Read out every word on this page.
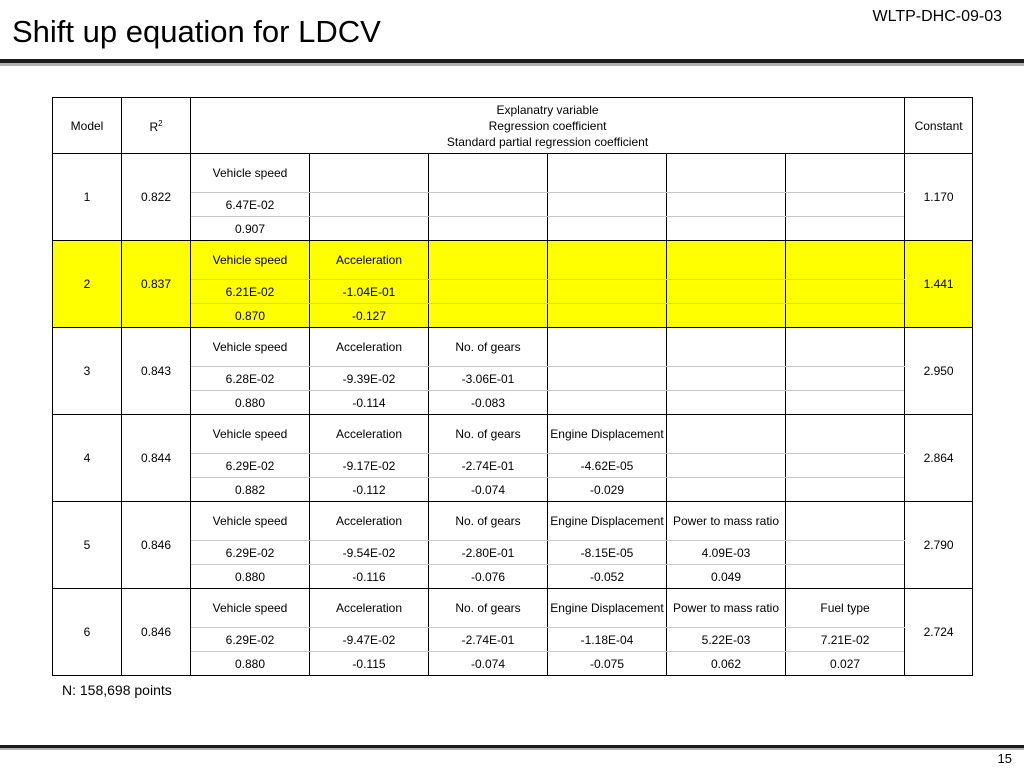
WLTP-DHC-09-03
Shift up equation for LDCV
Model	$R^2$	Explanatry variable
Regression coefficient
Standard partial regression coefficient						Constant
1	0.822	Vehicle speed						1.170
		6.47E-02						
		0.907						
2	0.837	Vehicle speed	Acceleration					1.441
		6.21E-02	-1.04E-01					
		0.870	-0.127					
3	0.843	Vehicle speed	Acceleration	No. of gears				2.950
		6.28E-02	-9.39E-02	-3.06E-01				
		0.880	-0.114	-0.083				
4	0.844	Vehicle speed	Acceleration	No. of gears	Engine Displacement			2.864
		6.29E-02	-9.17E-02	-2.74E-01	-4.62E-05			
		0.882	-0.112	-0.074	-0.029			
5	0.846	Vehicle speed	Acceleration	No. of gears	Engine Displacement	Power to mass ratio		2.790
		6.29E-02	-9.54E-02	-2.80E-01	-8.15E-05	4.09E-03		
		0.880	-0.116	-0.076	-0.052	0.049		
6	0.846	Vehicle speed	Acceleration	No. of gears	Engine Displacement	Power to mass ratio	Fuel type	2.724
		6.29E-02	-9.47E-02	-2.74E-01	-1.18E-04	5.22E-03	7.21E-02	
		0.880	-0.115	-0.074	-0.075	0.062	0.027	
N: 158,698 points
15
